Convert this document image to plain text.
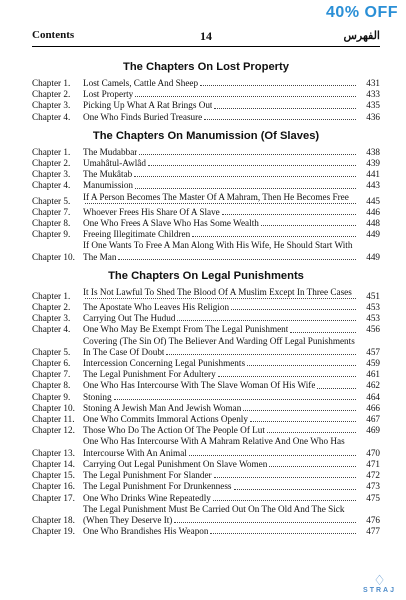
40% OFF
Contents	14	الفهرس
The Chapters On Lost Property
Chapter 1.	Lost Camels, Cattle And Sheep	431
Chapter 2.	Lost Property	433
Chapter 3.	Picking Up What A Rat Brings Out	435
Chapter 4.	One Who Finds Buried Treasure	436
The Chapters On Manumission (Of Slaves)
Chapter 1.	The Mudabbar	438
Chapter 2.	Umahâtul-Awlâd	439
Chapter 3.	The Mukâtab	441
Chapter 4.	Manumission	443
Chapter 5.	If A Person Becomes The Master Of A Mahram, Then He Becomes Free	445
Chapter 7.	Whoever Frees His Share Of A Slave	446
Chapter 8.	One Who Frees A Slave Who Has Some Wealth	448
Chapter 9.	Freeing Illegitimate Children	449
Chapter 10.
If One Wants To Free A Man Along With His Wife, He Should Start With
The Man	449
The Chapters On Legal Punishments
Chapter 1.	It Is Not Lawful To Shed The Blood Of A Muslim Except In Three Cases	451
Chapter 2.	The Apostate Who Leaves His Religion	453
Chapter 3.	Carrying Out The Hudud	453
Chapter 4.	One Who May Be Exempt From The Legal Punishment	456
Chapter 5.
Covering (The Sin Of) The Believer And Warding Off Legal Punishments
In The Case Of Doubt	457
Chapter 6.	Intercession Concerning Legal Punishments	459
Chapter 7.	The Legal Punishment For Adultery	461
Chapter 8.	One Who Has Intercourse With The Slave Woman Of His Wife	462
Chapter 9.	Stoning	464
Chapter 10. Stoning A Jewish Man And Jewish Woman	466
Chapter 11. One Who Commits Immoral Actions Openly	467
Chapter 12. Those Who Do The Action Of The People Of Lut	469
Chapter 13.
One Who Has Intercourse With A Mahram Relative And One Who Has
Intercourse With An Animal	470
Chapter 14. Carrying Out Legal Punishment On Slave Women	471
Chapter 15. The Legal Punishment For Slander	472
Chapter 16. The Legal Punishment For Drunkenness	473
Chapter 17. One Who Drinks Wine Repeatedly	475
Chapter 18.
The Legal Punishment Must Be Carried Out On The Old And The Sick
(When They Deserve It)	476
Chapter 19. One Who Brandishes His Weapon	477
♢
STRAJ
